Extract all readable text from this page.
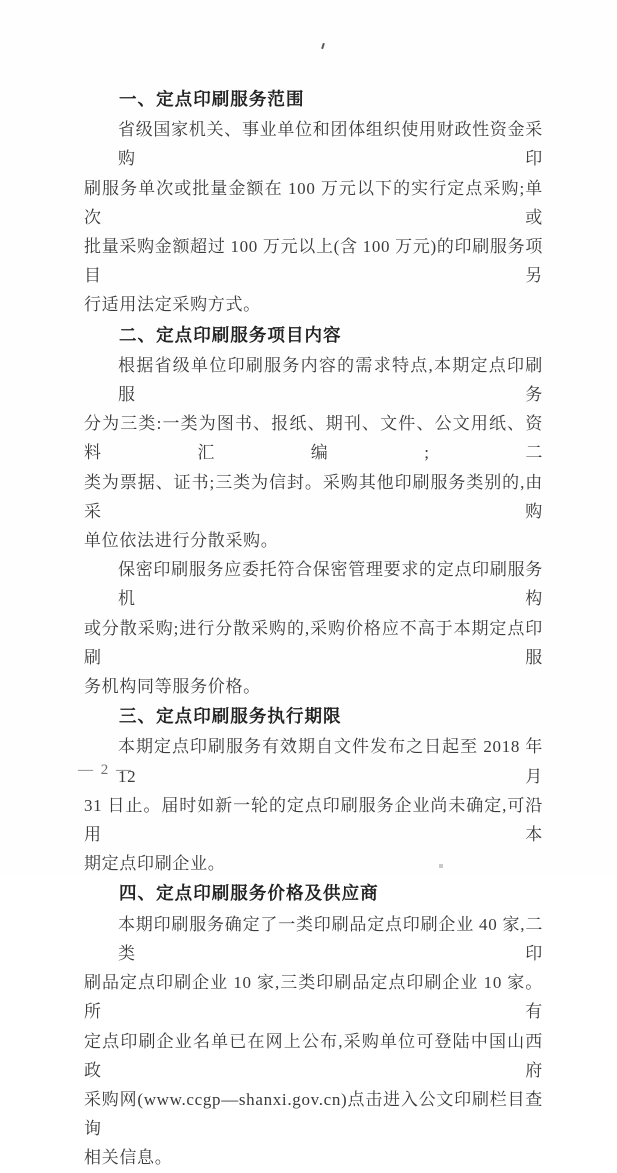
一、定点印刷服务范围
省级国家机关、事业单位和团体组织使用财政性资金采购印
刷服务单次或批量金额在 100 万元以下的实行定点采购;单次或
批量采购金额超过 100 万元以上(含 100 万元)的印刷服务项目另
行适用法定采购方式。
二、定点印刷服务项目内容
根据省级单位印刷服务内容的需求特点,本期定点印刷服务
分为三类:一类为图书、报纸、期刊、文件、公文用纸、资料汇编;二
类为票据、证书;三类为信封。采购其他印刷服务类别的,由采购
单位依法进行分散采购。
保密印刷服务应委托符合保密管理要求的定点印刷服务机构
或分散采购;进行分散采购的,采购价格应不高于本期定点印刷服
务机构同等服务价格。
三、定点印刷服务执行期限
本期定点印刷服务有效期自文件发布之日起至 2018 年 12 月
31 日止。届时如新一轮的定点印刷服务企业尚未确定,可沿用本
期定点印刷企业。
四、定点印刷服务价格及供应商
本期印刷服务确定了一类印刷品定点印刷企业 40 家,二类印
刷品定点印刷企业 10 家,三类印刷品定点印刷企业 10 家。所有
定点印刷企业名单已在网上公布,采购单位可登陆中国山西政府
采购网(www.ccgp—shanxi.gov.cn)点击进入公文印刷栏目查询
相关信息。
— 2 —
